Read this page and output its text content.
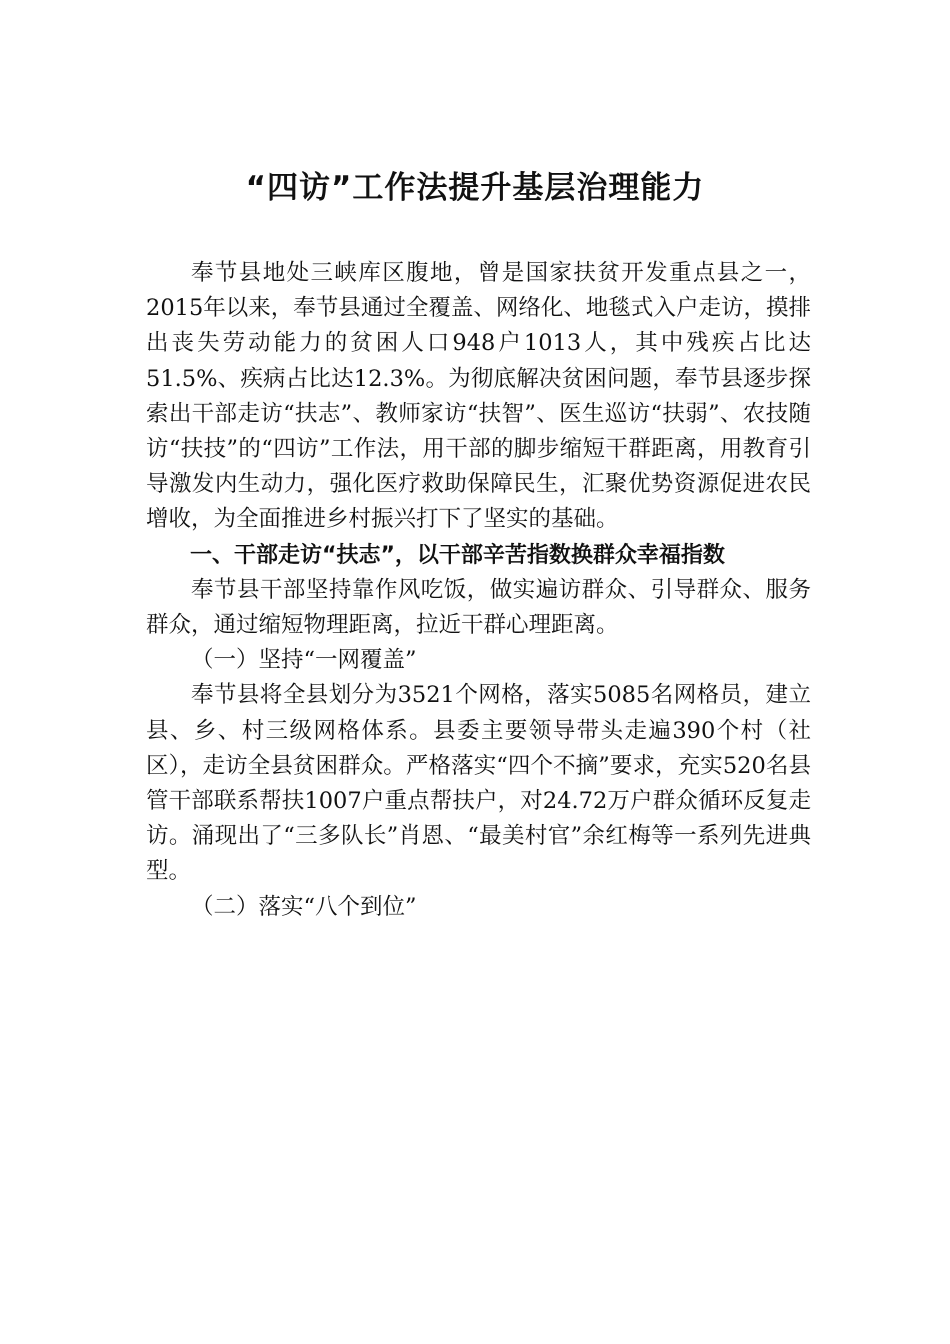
“四访”工作法提升基层治理能力

奉节县地处三峡库区腹地，曾是国家扶贫开发重点县之一，2015年以来，奉节县通过全覆盖、网络化、地毯式入户走访，摸排出丧失劳动能力的贫困人口948户1013人，其中残疾占比达51.5%、疾病占比达12.3%。为彻底解决贫困问题，奉节县逐步探索出干部走访“扶志”、教师家访“扶智”、医生巡访“扶弱”、农技随访“扶技”的“四访”工作法，用干部的脚步缩短干群距离，用教育引导激发内生动力，强化医疗救助保障民生，汇聚优势资源促进农民增收，为全面推进乡村振兴打下了坚实的基础。

一、干部走访“扶志”，以干部辛苦指数换群众幸福指数

奉节县干部坚持靠作风吃饭，做实遍访群众、引导群众、服务群众，通过缩短物理距离，拉近干群心理距离。

（一）坚持“一网覆盖”

奉节县将全县划分为3521个网格，落实5085名网格员，建立县、乡、村三级网格体系。县委主要领导带头走遍390个村（社区），走访全县贫困群众。严格落实“四个不摘”要求，充实520名县管干部联系帮扶1007户重点帮扶户，对24.72万户群众循环反复走访。涌现出了“三多队长”肖恩、“最美村官”余红梅等一系列先进典型。

（二）落实“八个到位”
